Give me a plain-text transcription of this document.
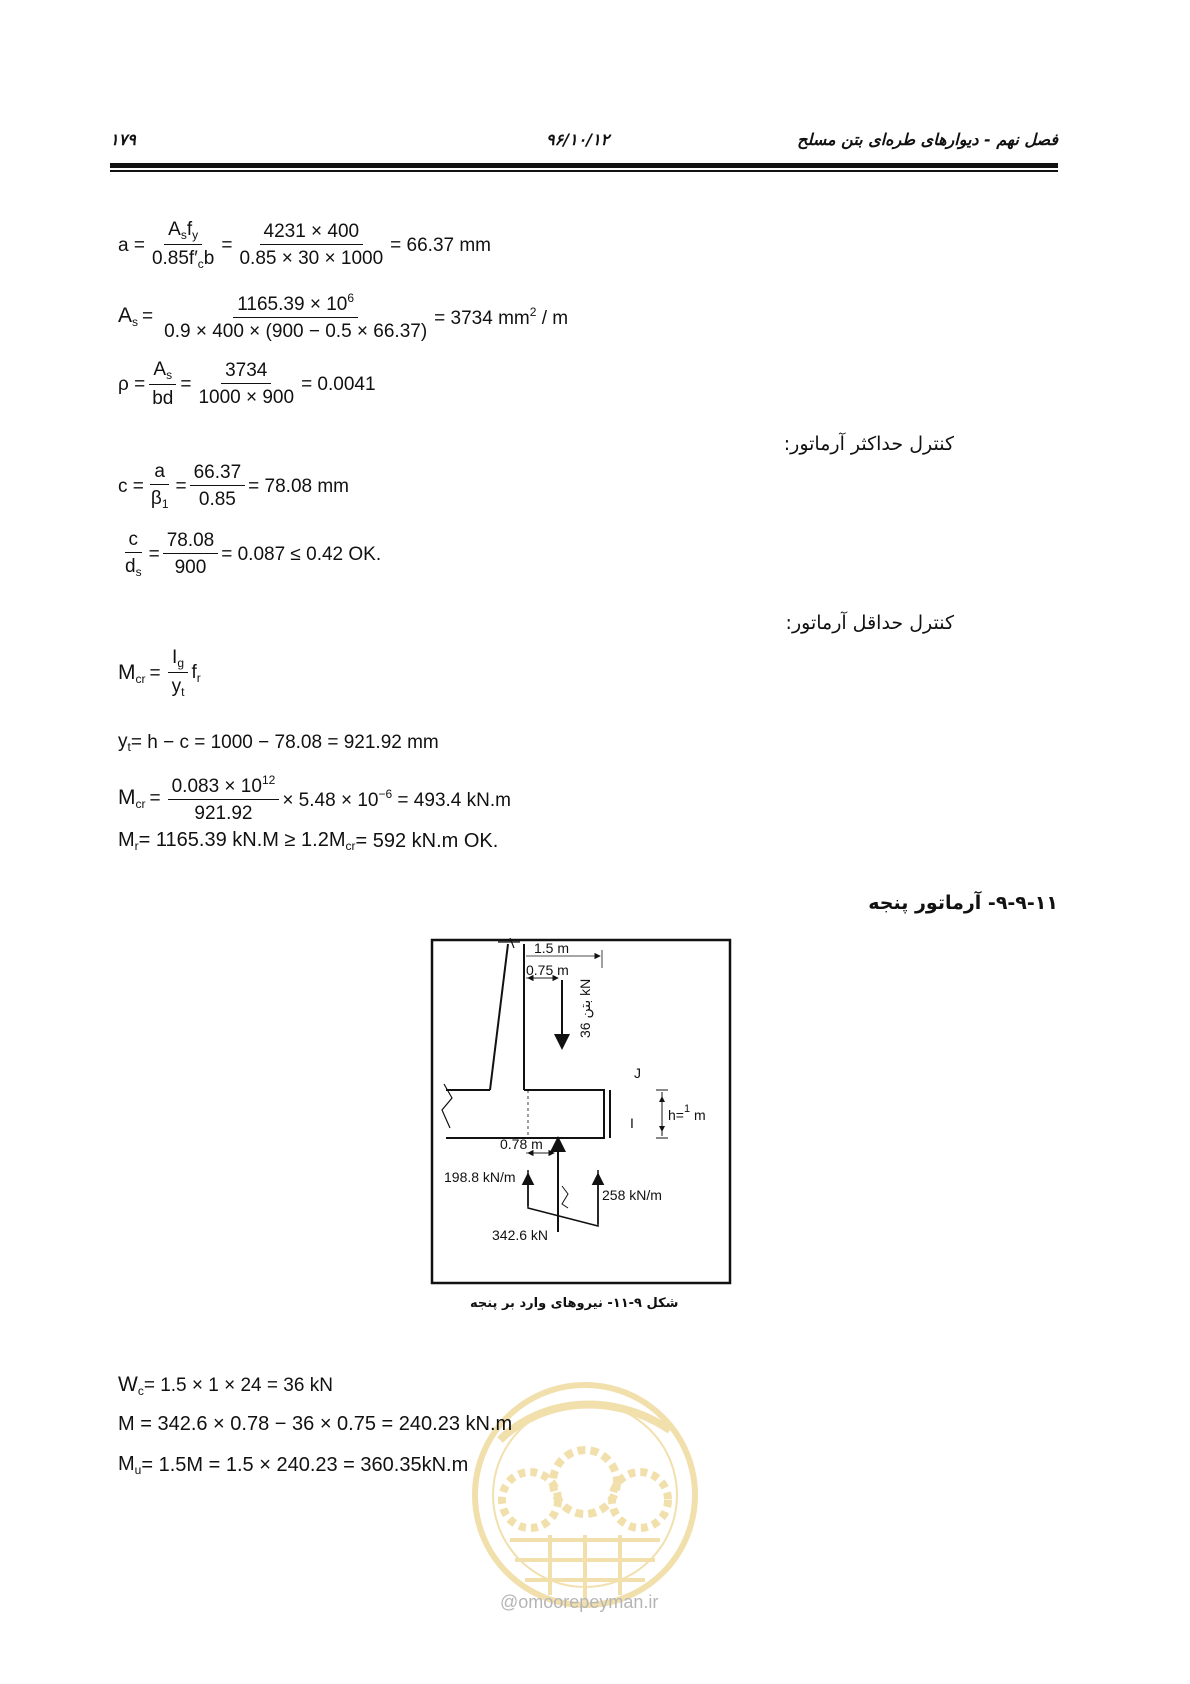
۱۷۹	۹۶/۱۰/۱۲	فصل نهم - دیوارهای طره‌ای بتن مسلح
$a = \frac{A_sf_y}{0.85f'_cb} = \frac{4231 \times 400}{0.85 \times 30 \times 1000} = 66.37$ mm
$A_s = \frac{1165.39 \times 10^6}{0.9 \times 400 \times (900 - 0.5 \times 66.37)} = 3734$ $mm^2$ / m
$\rho = \frac{A_s}{bd} = \frac{3734}{1000 \times 900} = 0.0041$
کنترل حداکثر آرماتور:
$c = \frac{a}{\beta_1} = \frac{66.37}{0.85} = 78.08$ mm
$\frac{c}{d_s} = \frac{78.08}{900} = 0.087 \le 0.42$ OK.
کنترل حداقل آرماتور:
$M_{cr} = \frac{I_g}{y_t} f_r$
$y_t = h - c = 1000 - 78.08 = 921.92$ mm
$M_{cr} = \frac{0.083 \times 10^{12}}{921.92} \times 5.48 \times 10^{-6} = 493.4$ kN.m
$M_r = 1165.39$ $kN.M \ge 1.2M_{cr} = 592$ kN.m OK.
۹-۹-۱۱- آرماتور پنجه
J
I h=$^1$ m
1.5 m
0.75 m
بتن 36 kN
0.78 m
198.8 kN/m
258 kN/m
342.6 kN
شکل ۹-۱۱- نیروهای وارد بر پنجه
@omoorepeyman.ir
$W_c = 1.5 \times 1 \times 24 = 36$ kN
M = 342.6 × 0.78 − 36 × 0.75 = 240.23 kN.m
$M_u = 1.5M = 1.5 \times 240.23 = 360.35kN.m$
